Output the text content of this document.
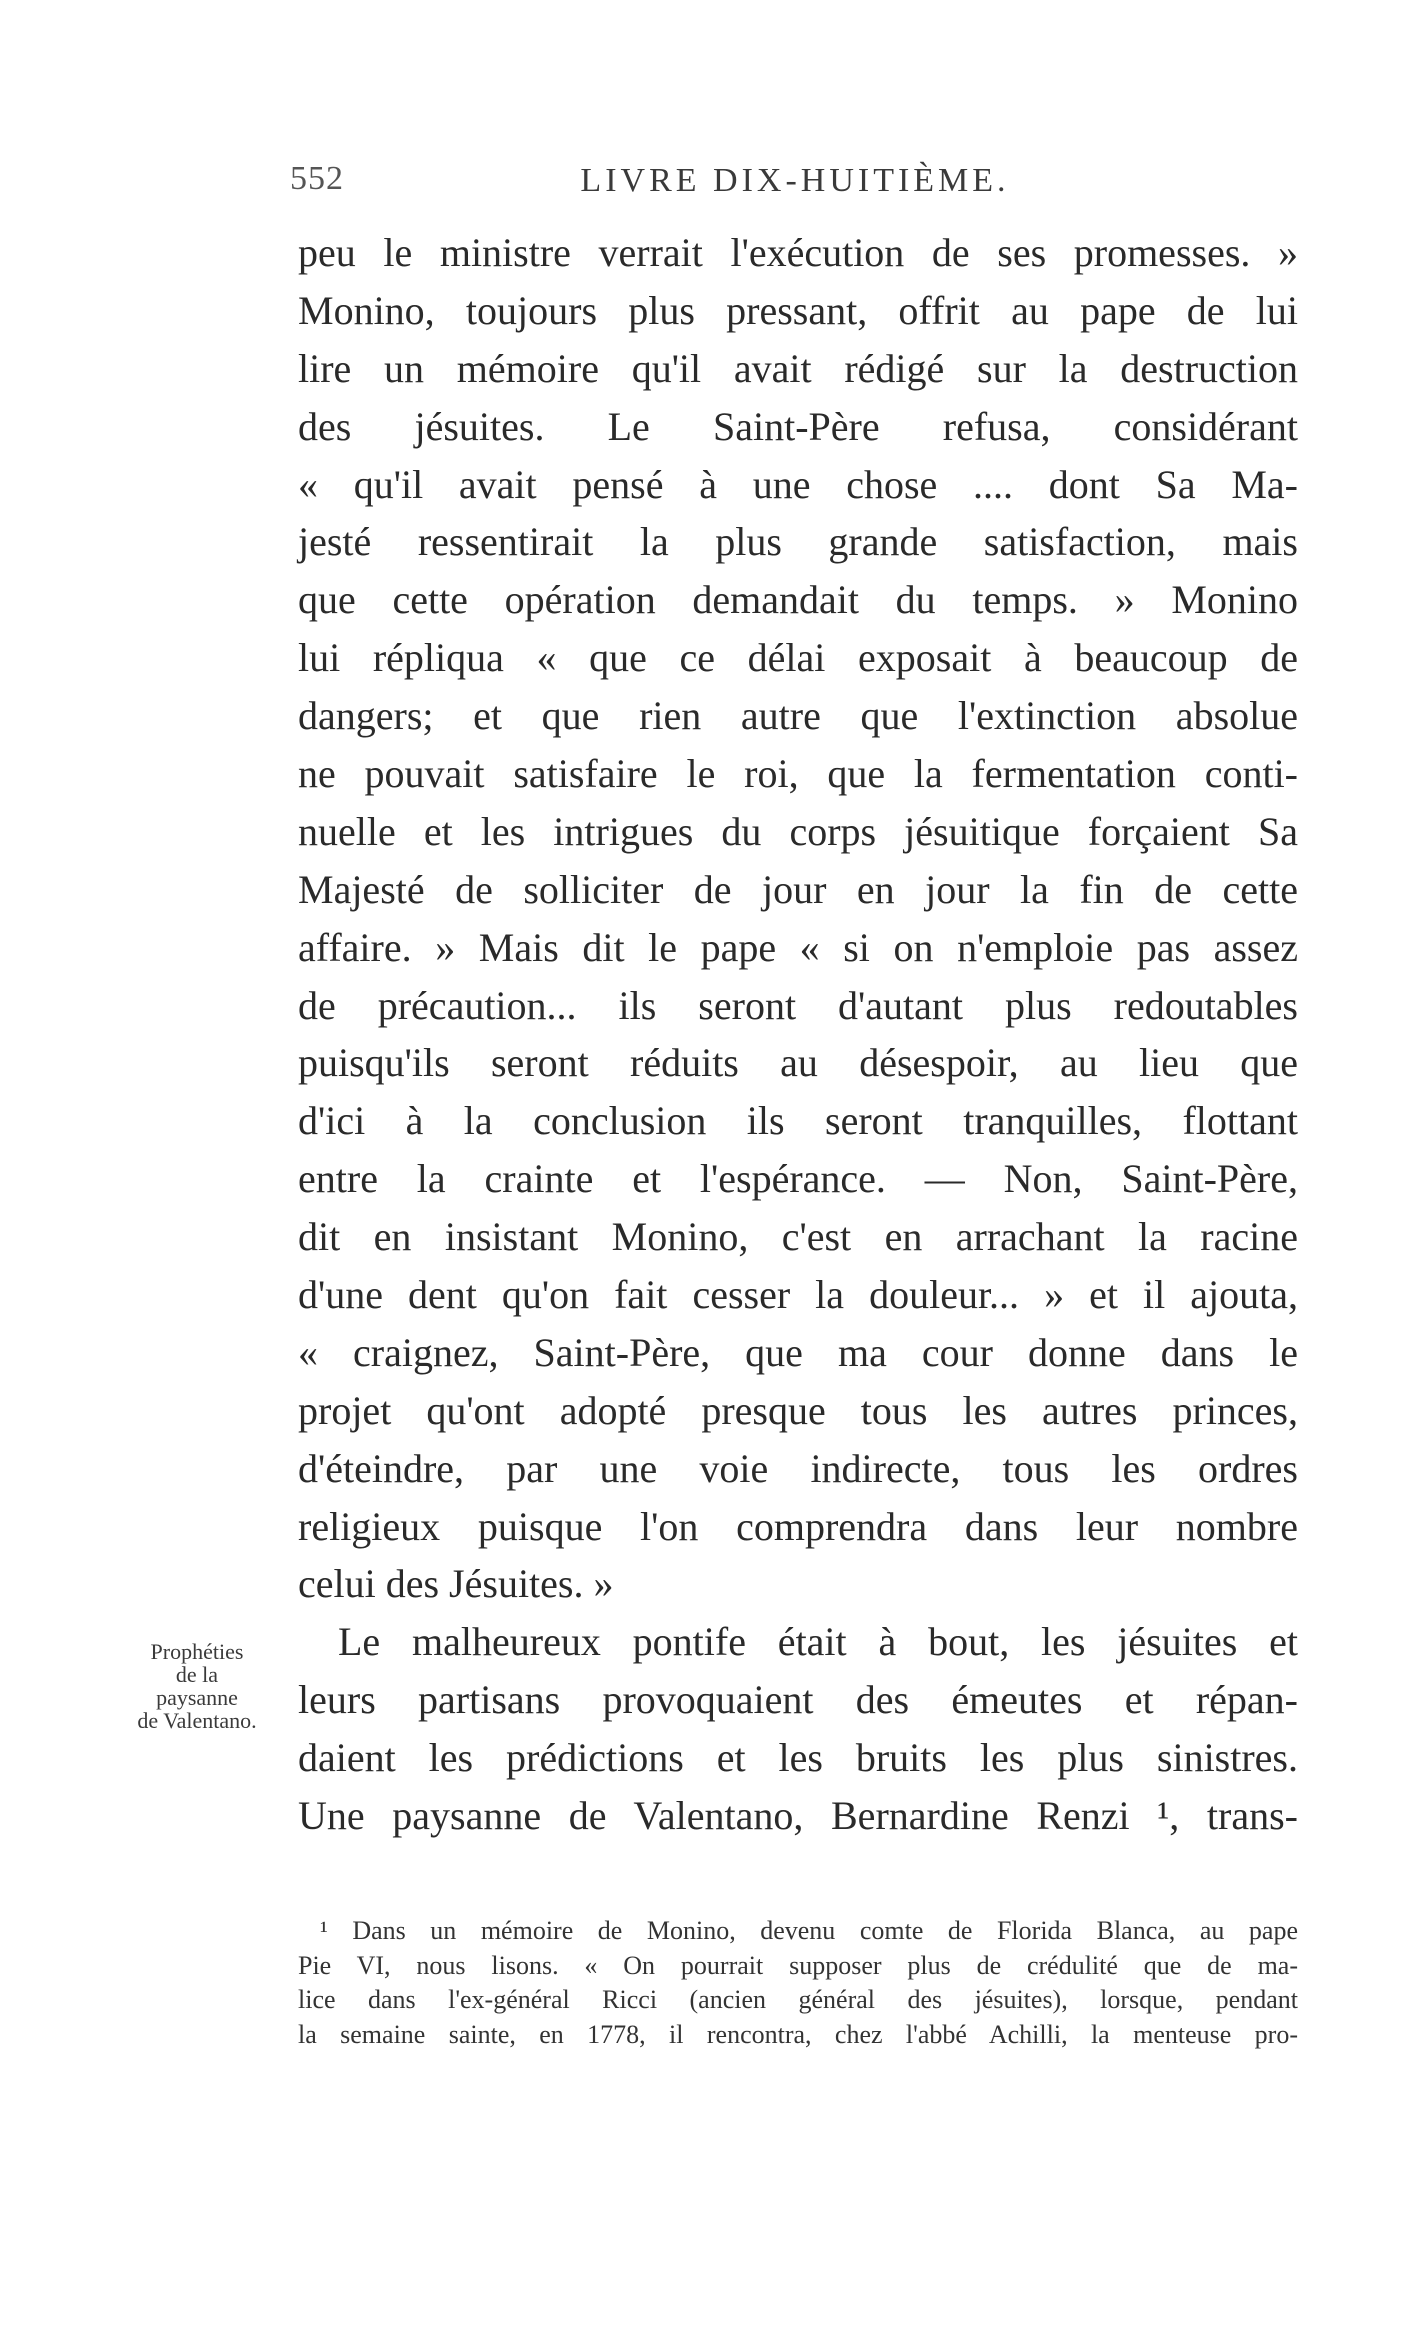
552	LIVRE DIX-HUITIÈME.
peu le ministre verrait l'exécution de ses promesses. »
Monino, toujours plus pressant, offrit au pape de lui
lire un mémoire qu'il avait rédigé sur la destruction
des jésuites. Le Saint-Père refusa, considérant
« qu'il avait pensé à une chose .... dont Sa Ma-
jesté ressentirait la plus grande satisfaction, mais
que cette opération demandait du temps. » Monino
lui répliqua « que ce délai exposait à beaucoup de
dangers; et que rien autre que l'extinction absolue
ne pouvait satisfaire le roi, que la fermentation conti-
nuelle et les intrigues du corps jésuitique forçaient Sa
Majesté de solliciter de jour en jour la fin de cette
affaire. » Mais dit le pape « si on n'emploie pas assez
de précaution... ils seront d'autant plus redoutables
puisqu'ils seront réduits au désespoir, au lieu que
d'ici à la conclusion ils seront tranquilles, flottant
entre la crainte et l'espérance. — Non, Saint-Père,
dit en insistant Monino, c'est en arrachant la racine
d'une dent qu'on fait cesser la douleur... » et il ajouta,
« craignez, Saint-Père, que ma cour donne dans le
projet qu'ont adopté presque tous les autres princes,
d'éteindre, par une voie indirecte, tous les ordres
religieux puisque l'on comprendra dans leur nombre
celui des Jésuites. »
Le malheureux pontife était à bout, les jésuites et
leurs partisans provoquaient des émeutes et répan-
daient les prédictions et les bruits les plus sinistres.
Une paysanne de Valentano, Bernardine Renzi ¹, trans-
Prophéties
de la
paysanne
de Valentano.
¹ Dans un mémoire de Monino, devenu comte de Florida Blanca, au pape
Pie VI, nous lisons. « On pourrait supposer plus de crédulité que de ma-
lice dans l'ex-général Ricci (ancien général des jésuites), lorsque, pendant
la semaine sainte, en 1778, il rencontra, chez l'abbé Achilli, la menteuse pro-
